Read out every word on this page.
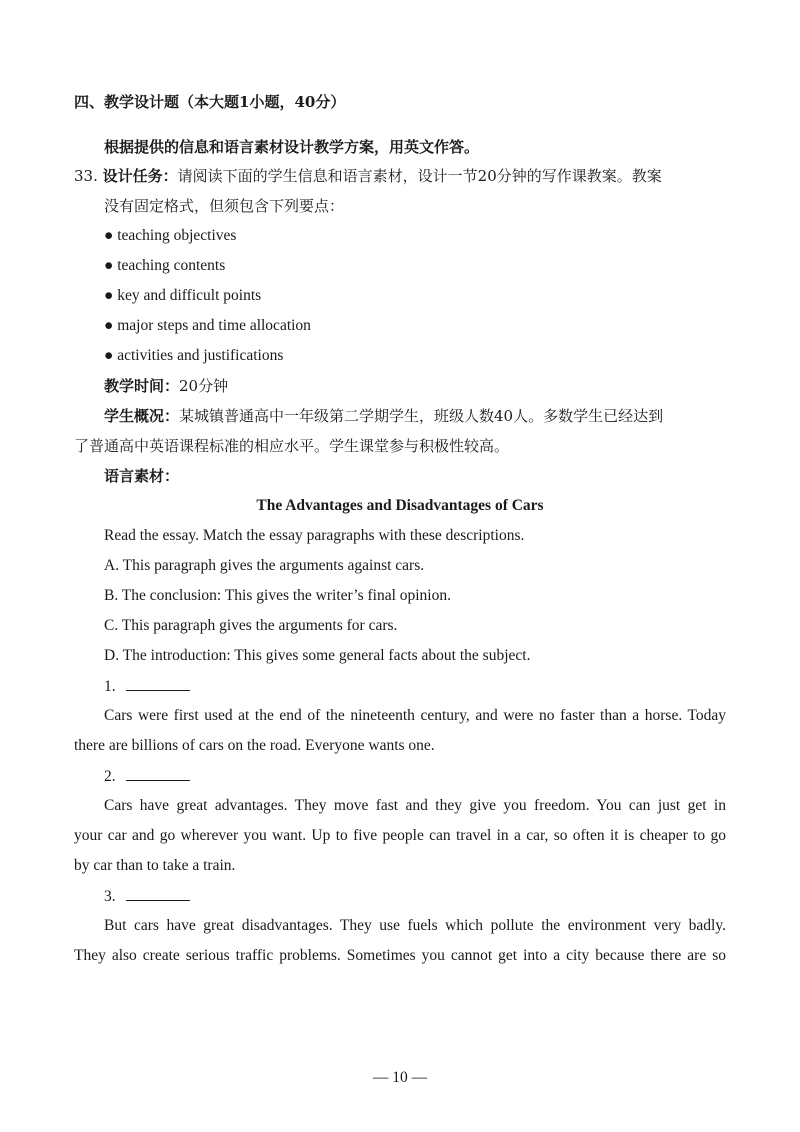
四、教学设计题（本大题1小题，40分）
根据提供的信息和语言素材设计教学方案，用英文作答。
33. 设计任务：请阅读下面的学生信息和语言素材，设计一节20分钟的写作课教案。教案
没有固定格式，但须包含下列要点：
● teaching objectives
● teaching contents
● key and difficult points
● major steps and time allocation
● activities and justifications
教学时间：20分钟
学生概况：某城镇普通高中一年级第二学期学生，班级人数40人。多数学生已经达到
了普通高中英语课程标准的相应水平。学生课堂参与积极性较高。
语言素材：
The Advantages and Disadvantages of Cars
Read the essay. Match the essay paragraphs with these descriptions.
A. This paragraph gives the arguments against cars.
B. The conclusion: This gives the writer’s final opinion.
C. This paragraph gives the arguments for cars.
D. The introduction: This gives some general facts about the subject.
1.
Cars were first used at the end of the nineteenth century, and were no faster than a horse. Today
there are billions of cars on the road. Everyone wants one.
2.
Cars have great advantages. They move fast and they give you freedom. You can just get in
your car and go wherever you want. Up to five people can travel in a car, so often it is cheaper to go
by car than to take a train.
3.
But cars have great disadvantages. They use fuels which pollute the environment very badly.
They also create serious traffic problems. Sometimes you cannot get into a city because there are so
— 10 —
